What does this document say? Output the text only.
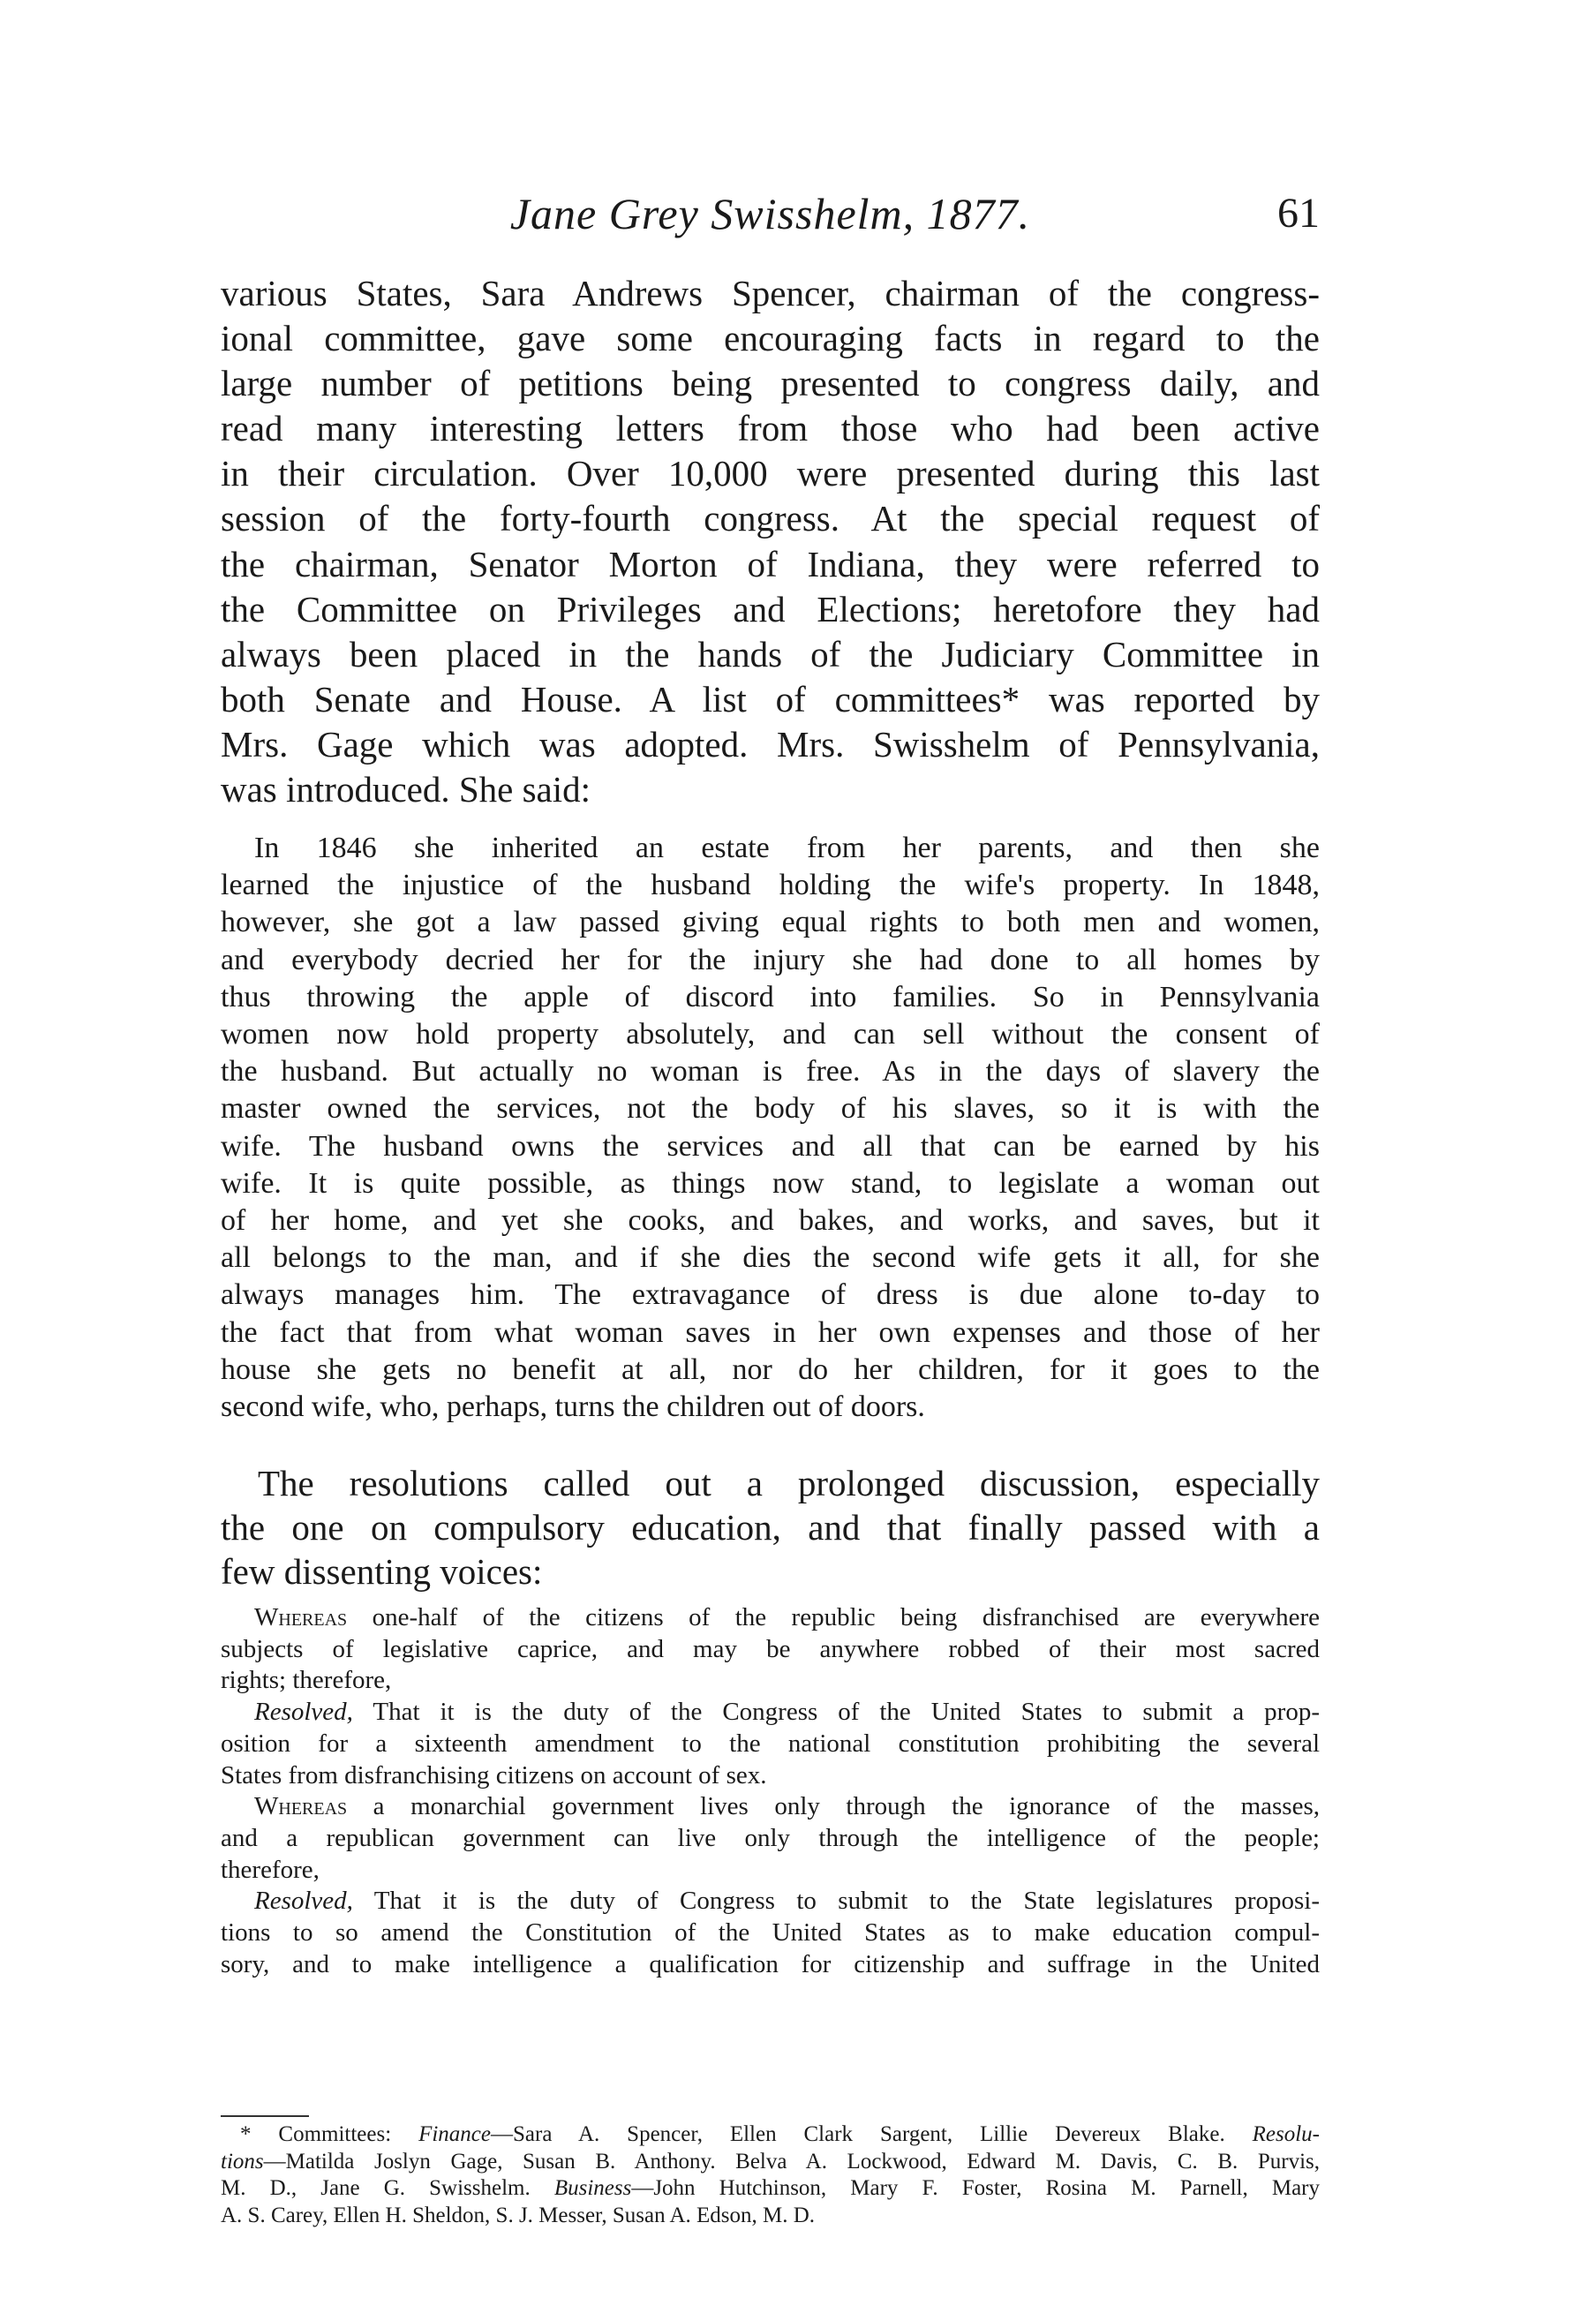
Jane Grey Swisshelm, 1877.	61
various States, Sara Andrews Spencer, chairman of the congress-
ional committee, gave some encouraging facts in regard to the
large number of petitions being presented to congress daily, and
read many interesting letters from those who had been active
in their circulation. Over 10,000 were presented during this last
session of the forty-fourth congress. At the special request of
the chairman, Senator Morton of Indiana, they were referred to
the Committee on Privileges and Elections; heretofore they had
always been placed in the hands of the Judiciary Committee in
both Senate and House. A list of committees* was reported by
Mrs. Gage which was adopted. Mrs. Swisshelm of Pennsylvania,
was introduced. She said:
In 1846 she inherited an estate from her parents, and then she
learned the injustice of the husband holding the wife's property. In 1848,
however, she got a law passed giving equal rights to both men and women,
and everybody decried her for the injury she had done to all homes by
thus throwing the apple of discord into families. So in Pennsylvania
women now hold property absolutely, and can sell without the consent of
the husband. But actually no woman is free. As in the days of slavery the
master owned the services, not the body of his slaves, so it is with the
wife. The husband owns the services and all that can be earned by his
wife. It is quite possible, as things now stand, to legislate a woman out
of her home, and yet she cooks, and bakes, and works, and saves, but it
all belongs to the man, and if she dies the second wife gets it all, for she
always manages him. The extravagance of dress is due alone to-day to
the fact that from what woman saves in her own expenses and those of her
house she gets no benefit at all, nor do her children, for it goes to the
second wife, who, perhaps, turns the children out of doors.
The resolutions called out a prolonged discussion, especially
the one on compulsory education, and that finally passed with a
few dissenting voices:
Whereas one-half of the citizens of the republic being disfranchised are everywhere
subjects of legislative caprice, and may be anywhere robbed of their most sacred
rights; therefore,
Resolved, That it is the duty of the Congress of the United States to submit a prop-
osition for a sixteenth amendment to the national constitution prohibiting the several
States from disfranchising citizens on account of sex.
Whereas a monarchial government lives only through the ignorance of the masses,
and a republican government can live only through the intelligence of the people;
therefore,
Resolved, That it is the duty of Congress to submit to the State legislatures proposi-
tions to so amend the Constitution of the United States as to make education compul-
sory, and to make intelligence a qualification for citizenship and suffrage in the United
* Committees: Finance—Sara A. Spencer, Ellen Clark Sargent, Lillie Devereux Blake. Resolu-
tions—Matilda Joslyn Gage, Susan B. Anthony. Belva A. Lockwood, Edward M. Davis, C. B. Purvis,
M. D., Jane G. Swisshelm. Business—John Hutchinson, Mary F. Foster, Rosina M. Parnell, Mary
A. S. Carey, Ellen H. Sheldon, S. J. Messer, Susan A. Edson, M. D.
